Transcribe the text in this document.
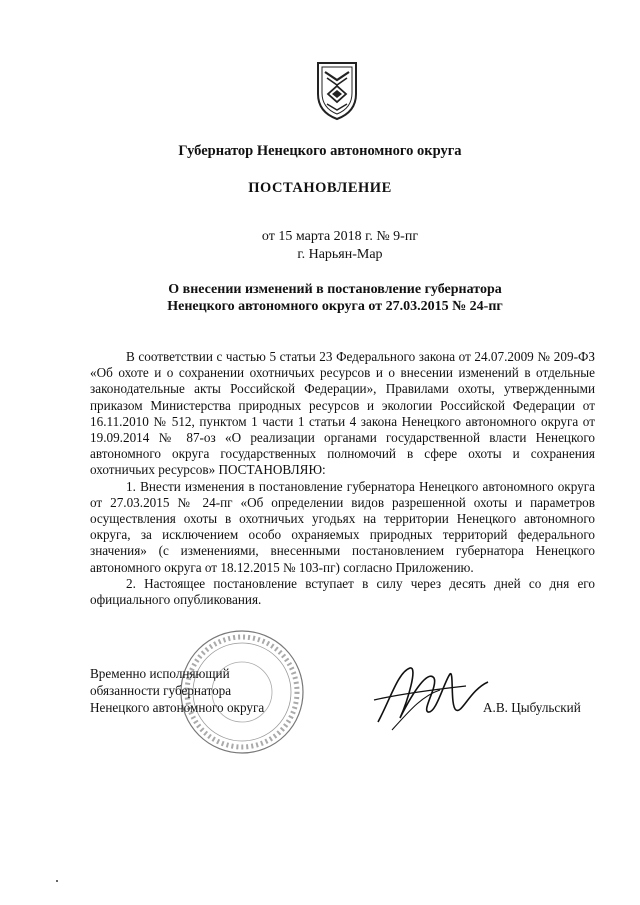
Губернатор Ненецкого автономного округа
ПОСТАНОВЛЕНИЕ
от 15 марта 2018 г. № 9-пг
г. Нарьян-Мар
О внесении изменений в постановление губернатора
Ненецкого автономного округа от 27.03.2015 № 24-пг

В соответствии с частью 5 статьи 23 Федерального закона от 24.07.2009 № 209-ФЗ «Об охоте и о сохранении охотничьих ресурсов и о внесении изменений в отдельные законодательные акты Российской Федерации», Правилами охоты, утвержденными приказом Министерства природных ресурсов и экологии Российской Федерации от 16.11.2010 № 512, пунктом 1 части 1 статьи 4 закона Ненецкого автономного округа от 19.09.2014 № 87-оз «О реализации органами государственной власти Ненецкого автономного округа государственных полномочий в сфере охоты и сохранения охотничьих ресурсов» ПОСТАНОВЛЯЮ:

1. Внести изменения в постановление губернатора Ненецкого автономного округа от 27.03.2015 № 24-пг «Об определении видов разрешенной охоты и параметров осуществления охоты в охотничьих угодьях на территории Ненецкого автономного округа, за исключением особо охраняемых природных территорий федерального значения» (с изменениями, внесенными постановлением губернатора Ненецкого автономного округа от 18.12.2015 № 103-пг) согласно Приложению.

2. Настоящее постановление вступает в силу через десять дней со дня его официального опубликования.

Временно исполняющий
обязанности губернатора
Ненецкого автономного округа	А.В. Цыбульский
